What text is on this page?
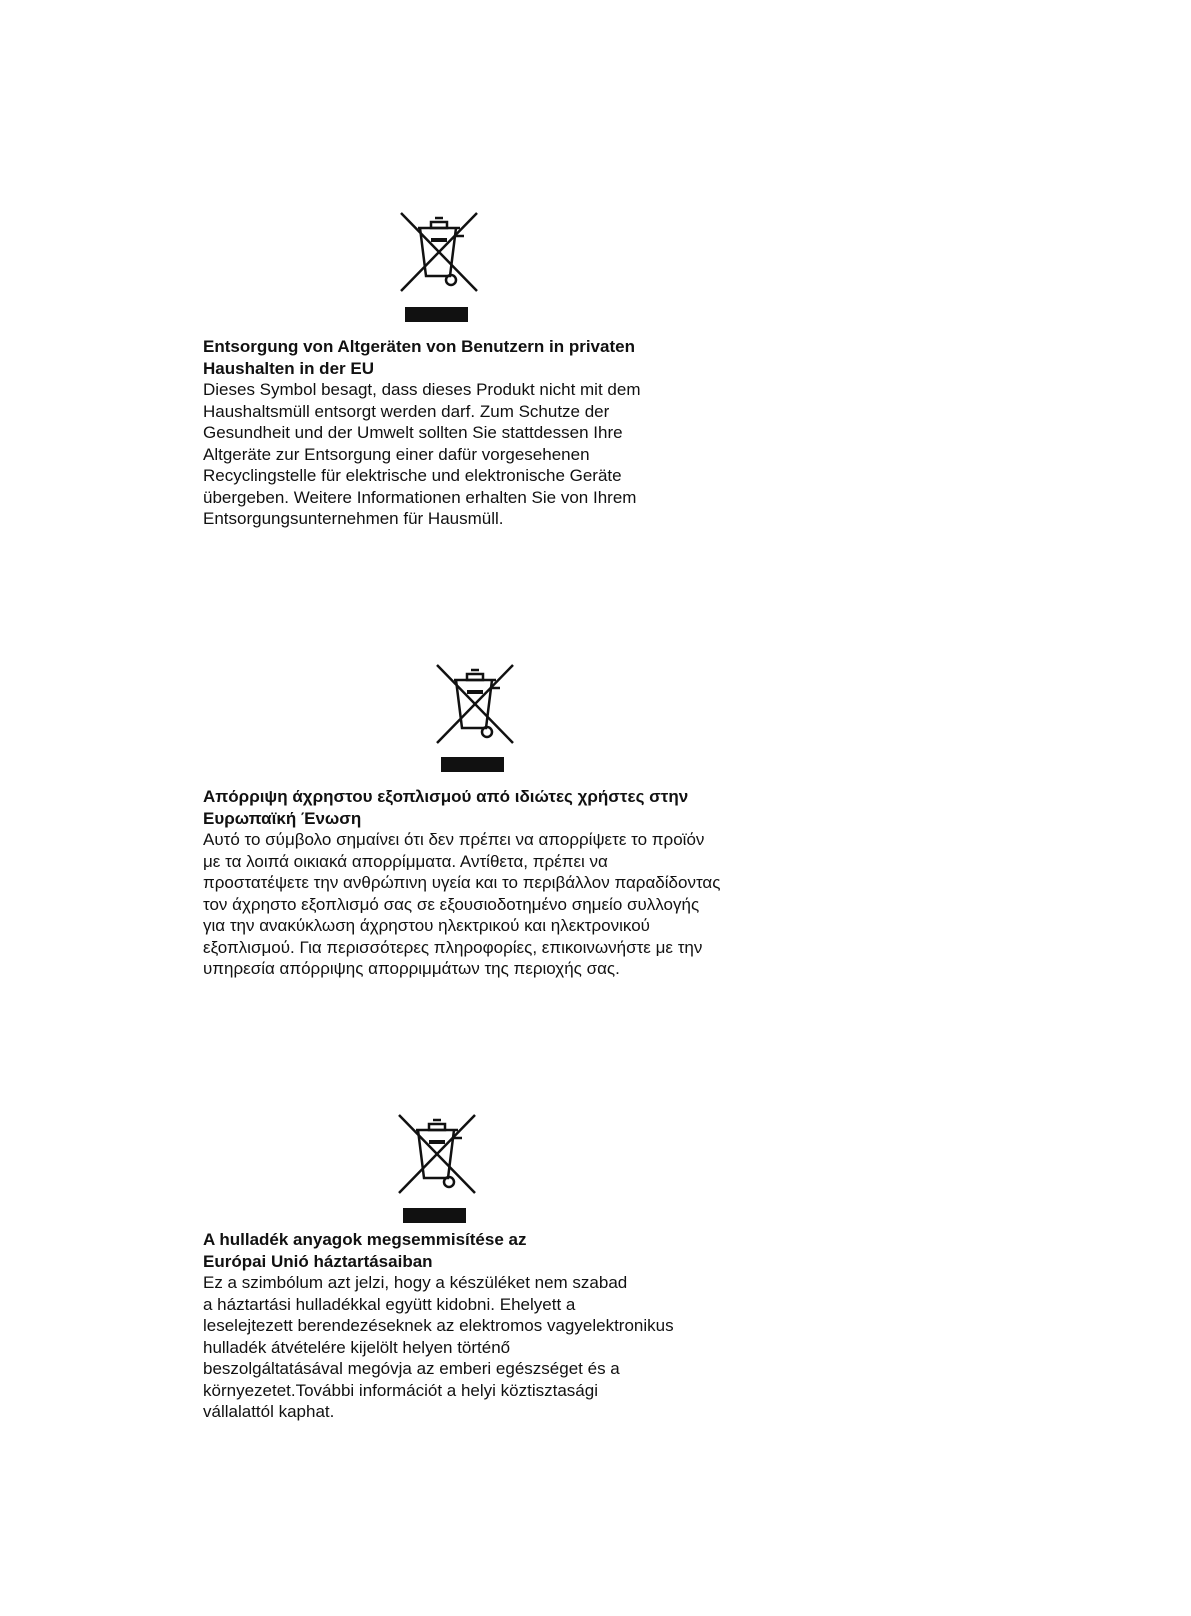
Entsorgung von Altgeräten von Benutzern in privaten
Haushalten in der EU

Dieses Symbol besagt, dass dieses Produkt nicht mit dem
Haushaltsmüll entsorgt werden darf. Zum Schutze der
Gesundheit und der Umwelt sollten Sie stattdessen Ihre
Altgeräte zur Entsorgung einer dafür vorgesehenen
Recyclingstelle für elektrische und elektronische Geräte
übergeben. Weitere Informationen erhalten Sie von Ihrem
Entsorgungsunternehmen für Hausmüll.

Απόρριψη άχρηστου εξοπλισμού από ιδιώτες χρήστες στην
Ευρωπαϊκή Ένωση

Αυτό το σύμβολο σημαίνει ότι δεν πρέπει να απορρίψετε το προϊόν
με τα λοιπά οικιακά απορρίμματα. Αντίθετα, πρέπει να
προστατέψετε την ανθρώπινη υγεία και το περιβάλλον παραδίδοντας
τον άχρηστο εξοπλισμό σας σε εξουσιοδοτημένο σημείο συλλογής
για την ανακύκλωση άχρηστου ηλεκτρικού και ηλεκτρονικού
εξοπλισμού. Για περισσότερες πληροφορίες, επικοινωνήστε με την
υπηρεσία απόρριψης απορριμμάτων της περιοχής σας.

A hulladék anyagok megsemmisítése az
Európai Unió háztartásaiban

Ez a szimbólum azt jelzi, hogy a készüléket nem szabad
a háztartási hulladékkal együtt kidobni. Ehelyett a
leselejtezett berendezéseknek az elektromos vagyelektronikus
hulladék átvételére kijelölt helyen történő
beszolgáltatásával megóvja az emberi egészséget és a
környezetet.További információt a helyi köztisztasági
vállalattól kaphat.
